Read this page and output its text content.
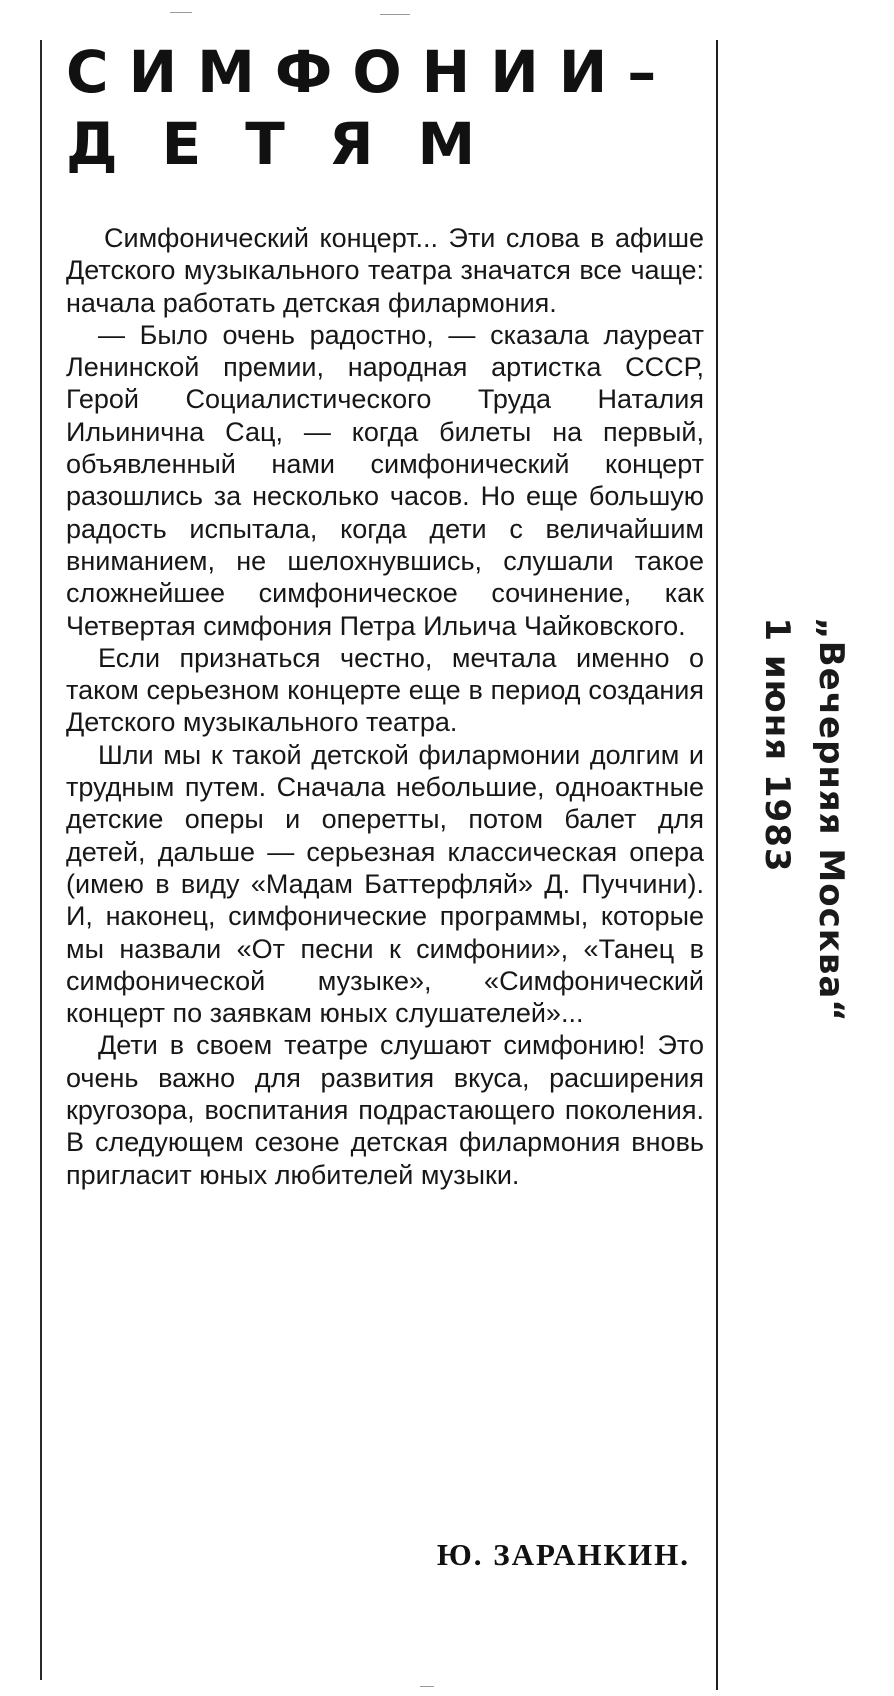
СИМФОНИИ–
ДЕТЯМ

Симфонический концерт... Эти слова в афише Детского музыкального театра значатся все чаще: начала работать детская филармония.

— Было очень радостно, — сказала лауреат Ленинской премии, народная артистка СССР, Герой Социалистического Труда Наталия Ильинична Сац, — когда билеты на первый, объявленный нами симфонический концерт разошлись за несколько часов. Но еще большую радость испытала, когда дети с величайшим вниманием, не шелохнувшись, слушали такое сложнейшее симфоническое сочинение, как Четвертая симфония Петра Ильича Чайковского.

Если признаться честно, мечтала именно о таком серьезном концерте еще в период создания Детского музыкального театра.

Шли мы к такой детской филармонии долгим и трудным путем. Сначала небольшие, одноактные детские оперы и оперетты, потом балет для детей, дальше — серьезная классическая опера (имею в виду «Мадам Баттерфляй» Д. Пуччини). И, наконец, симфонические программы, которые мы назвали «От песни к симфонии», «Танец в симфонической музыке», «Симфонический концерт по заявкам юных слушателей»...

Дети в своем театре слушают симфонию! Это очень важно для развития вкуса, расширения кругозора, воспитания подрастающего поколения. В следующем сезоне детская филармония вновь пригласит юных любителей музыки.

Ю. ЗАРАНКИН.
„Вечерняя Москва“
1 июня 1983
